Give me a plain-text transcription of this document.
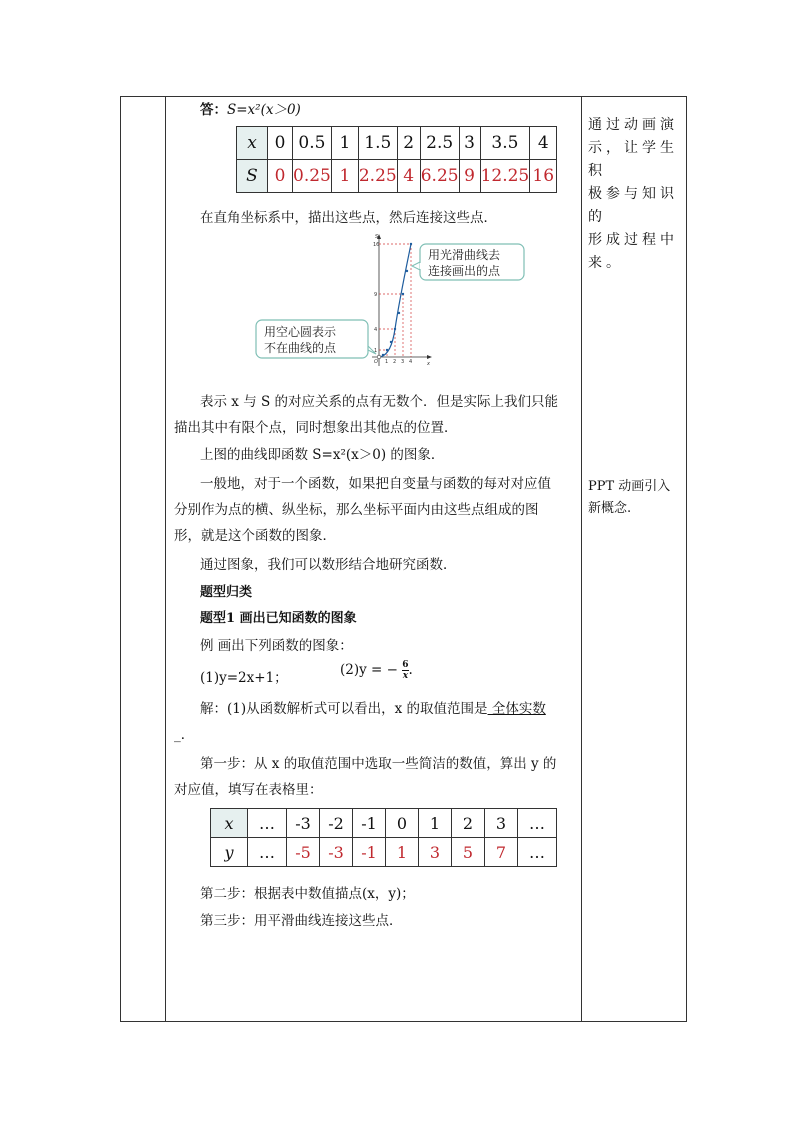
答：S=x²(x＞0)
x	0	0.5	1	1.5	2	2.5	3	3.5	4
S	0	0.25	1	2.25	4	6.25	9	12.25	16
在直角坐标系中，描出这些点，然后连接这些点．
16
9
4
1
1 2 3 4
O
S
x
用光滑曲线去
连接画出的点
用空心圆表示
不在曲线的点
表示 x 与 S 的对应关系的点有无数个．但是实际上我们只能
描出其中有限个点，同时想象出其他点的位置．
上图的曲线即函数 S=x²(x＞0) 的图象．
一般地，对于一个函数，如果把自变量与函数的每对对应值
分别作为点的横、纵坐标，那么坐标平面内由这些点组成的图
形，就是这个函数的图象．
通过图象，我们可以数形结合地研究函数．
题型归类
题型1 画出已知函数的图象
例 画出下列函数的图象：
(1)y=2x+1；	(2)y = − $\frac{6}{x}$ .
解：(1)从函数解析式可以看出，x 的取值范围是 全体实数
_．
第一步：从 x 的取值范围中选取一些简洁的数值，算出 y 的
对应值，填写在表格里：
x	…	-3	-2	-1	0	1	2	3	…
y	…	-5	-3	-1	1	3	5	7	…
第二步：根据表中数值描点(x，y)；
第三步：用平滑曲线连接这些点．
通过动画演
示，让学生积
极参与知识的
形成过程中
来。
PPT 动画引入
新概念.
